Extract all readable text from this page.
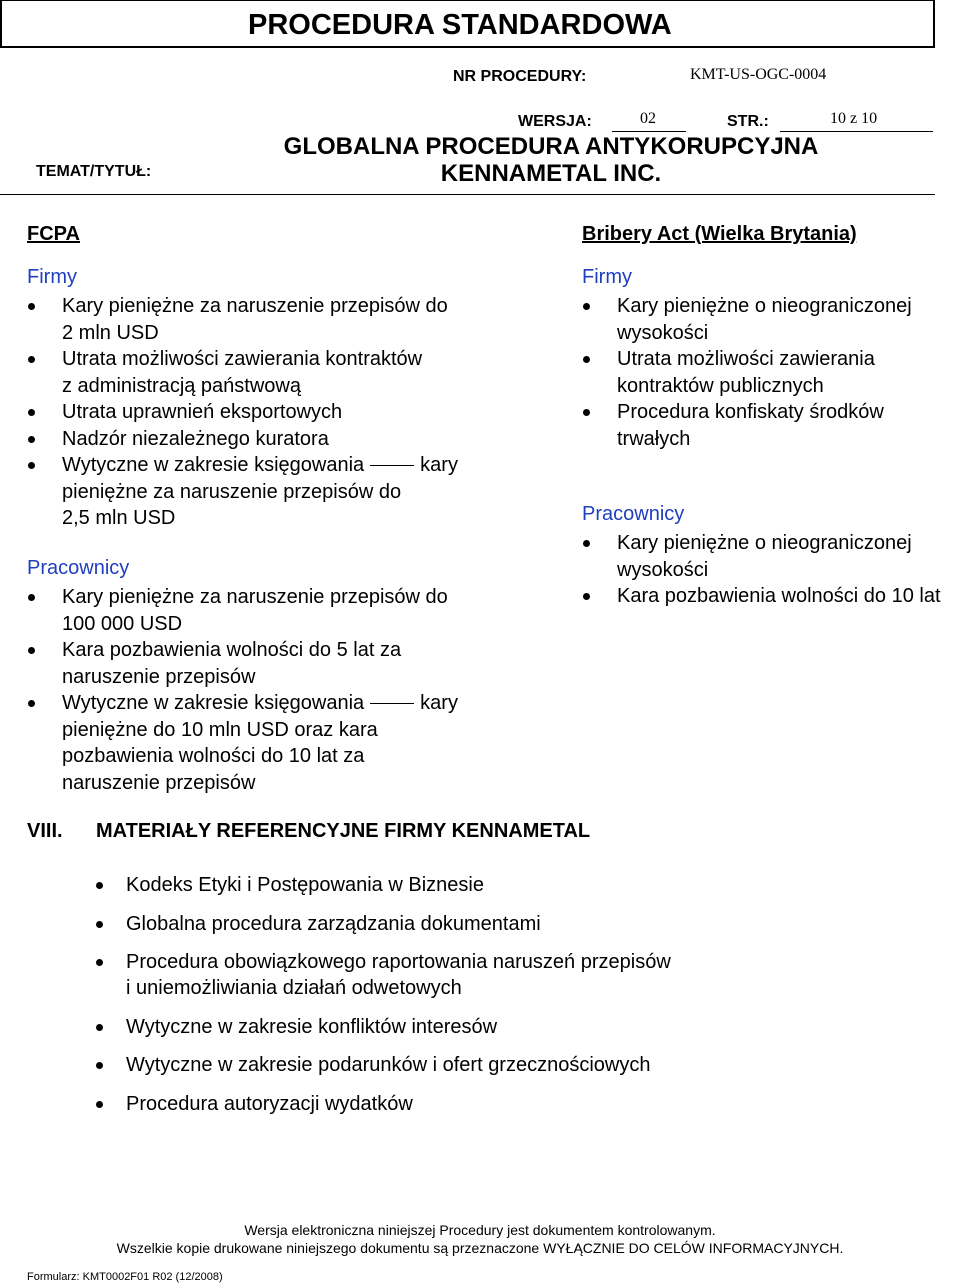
PROCEDURA STANDARDOWA
NR PROCEDURY:	KMT-US-OGC-0004
WERSJA:	02	STR.:	10 z 10
TEMAT/TYTUŁ:
GLOBALNA PROCEDURA ANTYKORUPCYJNA
KENNAMETAL INC.
FCPA
Firmy
Kary pieniężne za naruszenie przepisów do
2 mln USD
Utrata możliwości zawierania kontraktów
z administracją państwową
Utrata uprawnień eksportowych
Nadzór niezależnego kuratora
Wytyczne w zakresie księgowania	kary
pieniężne za naruszenie przepisów do
2,5 mln USD
Pracownicy
Kary pieniężne za naruszenie przepisów do
100 000 USD
Kara pozbawienia wolności do 5 lat za
naruszenie przepisów
Wytyczne w zakresie księgowania	kary
pieniężne do 10 mln USD oraz kara
pozbawienia wolności do 10 lat za
naruszenie przepisów
Bribery Act (Wielka Brytania)
Firmy
Kary pieniężne o nieograniczonej
wysokości
Utrata możliwości zawierania
kontraktów publicznych
Procedura konfiskaty środków
trwałych
Pracownicy
Kary pieniężne o nieograniczonej
wysokości
Kara pozbawienia wolności do 10 lat
VIII. MATERIAŁY REFERENCYJNE FIRMY KENNAMETAL
Kodeks Etyki i Postępowania w Biznesie
Globalna procedura zarządzania dokumentami
Procedura obowiązkowego raportowania naruszeń przepisów
i uniemożliwiania działań odwetowych
Wytyczne w zakresie konfliktów interesów
Wytyczne w zakresie podarunków i ofert grzecznościowych
Procedura autoryzacji wydatków
Wersja elektroniczna niniejszej Procedury jest dokumentem kontrolowanym.
Wszelkie kopie drukowane niniejszego dokumentu są przeznaczone WYŁĄCZNIE DO CELÓW INFORMACYJNYCH.
Formularz: KMT0002F01 R02 (12/2008)
